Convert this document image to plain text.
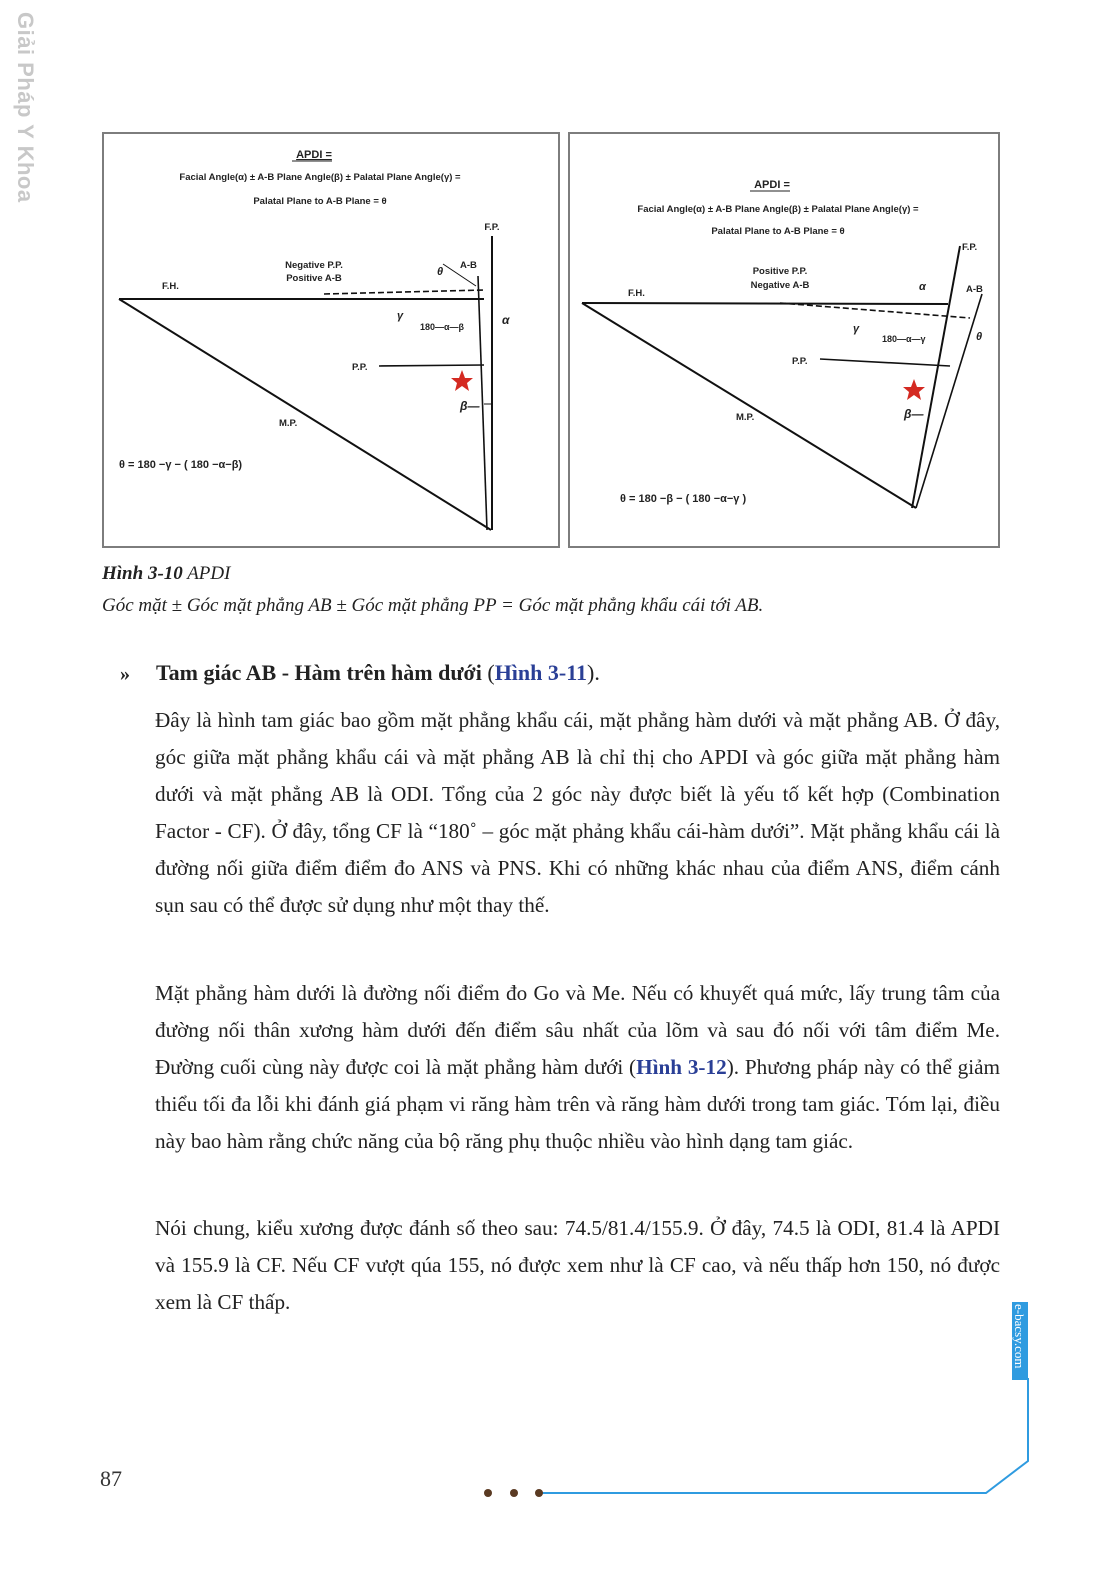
Giải Pháp Y Khoa	APDI =
Facial Angle(α) ± A-B Plane Angle(β) ± Palatal Plane Angle(γ) =
Palatal Plane to A-B Plane = θ
F.P.
Negative P.P.
Positive A-B
F.H.
A-B
θ
γ
180—α—β	α
P.P.
β—
M.P.
θ = 180 −γ − ( 180 −α−β)
APDI =
Facial Angle(α) ± A-B Plane Angle(β) ± Palatal Plane Angle(γ) =
Palatal Plane to A-B Plane = θ
F.P.
Positive P.P.
Negative A-B
F.H.	A-B
α
γ
180—α—γ	θ
P.P.
β—
M.P.
θ = 180 −β − ( 180 −α−γ )
Hình 3-10 APDI
Góc mặt ± Góc mặt phẳng AB ± Góc mặt phẳng PP = Góc mặt phẳng khẩu cái tới AB.
» Tam giác AB - Hàm trên hàm dưới (Hình 3-11).

Đây là hình tam giác bao gồm mặt phẳng khẩu cái, mặt phẳng hàm dưới và mặt phẳng AB. Ở đây, góc giữa mặt phẳng khẩu cái và mặt phẳng AB là chỉ thị cho APDI và góc giữa mặt phẳng hàm dưới và mặt phẳng AB là ODI. Tổng của 2 góc này được biết là yếu tố kết hợp (Combination Factor - CF). Ở đây, tổng CF là “180˚ – góc mặt phảng khẩu cái-hàm dưới”. Mặt phẳng khẩu cái là đường nối giữa điểm điểm đo ANS và PNS. Khi có những khác nhau của điểm ANS, điểm cánh sụn sau có thể được sử dụng như một thay thế.

Mặt phẳng hàm dưới là đường nối điểm đo Go và Me. Nếu có khuyết quá mức, lấy trung tâm của đường nối thân xương hàm dưới đến điểm sâu nhất của lõm và sau đó nối với tâm điểm Me. Đường cuối cùng này được coi là mặt phẳng hàm dưới (Hình 3-12). Phương pháp này có thể giảm thiểu tối đa lỗi khi đánh giá phạm vi răng hàm trên và răng hàm dưới trong tam giác. Tóm lại, điều này bao hàm rằng chức năng của bộ răng phụ thuộc nhiều vào hình dạng tam giác.

Nói chung, kiểu xương được đánh số theo sau: 74.5/81.4/155.9. Ở đây, 74.5 là ODI, 81.4 là APDI và 155.9 là CF. Nếu CF vượt qúa 155, nó được xem như là CF cao, và nếu thấp hơn 150, nó được xem là CF thấp.

e-bacsy.com
87
